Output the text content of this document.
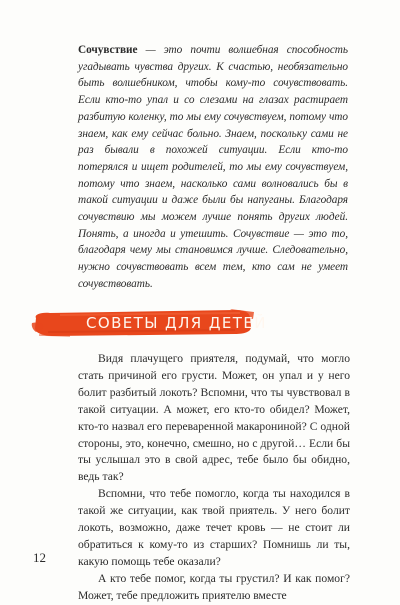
Сочувствие — это почти волшебная способность угадывать чувства других. К счастью, необязательно быть волшебником, чтобы кому-то сочувствовать. Если кто-то упал и со слезами на глазах растирает разбитую коленку, то мы ему сочувствуем, потому что знаем, как ему сейчас больно. Знаем, поскольку сами не раз бывали в похожей ситуации. Если кто-то потерялся и ищет родителей, то мы ему сочувствуем, потому что знаем, насколько сами волновались бы в такой ситуации и даже были бы напуганы. Благодаря сочувствию мы можем лучше понять других людей. Понять, а иногда и утешить. Сочувствие — это то, благодаря чему мы становимся лучше. Следовательно, нужно сочувствовать всем тем, кто сам не умеет сочувствовать.
СОВЕТЫ ДЛЯ ДЕТЕЙ

Видя плачущего приятеля, подумай, что могло стать причиной его грусти. Может, он упал и у него болит разбитый локоть? Вспомни, что ты чувствовал в такой ситуации. А может, его кто-то обидел? Может, кто-то назвал его переваренной макарониной? С одной стороны, это, конечно, смешно, но с другой… Если бы ты услышал это в свой адрес, тебе было бы обидно, ведь так?

Вспомни, что тебе помогло, когда ты находился в такой же ситуации, как твой приятель. У него болит локоть, возможно, даже течет кровь — не стоит ли обратиться к кому-то из старших? Помнишь ли ты, какую помощь тебе оказали?

А кто тебе помог, когда ты грустил? И как помог? Может, тебе предложить приятелю вместе

12
